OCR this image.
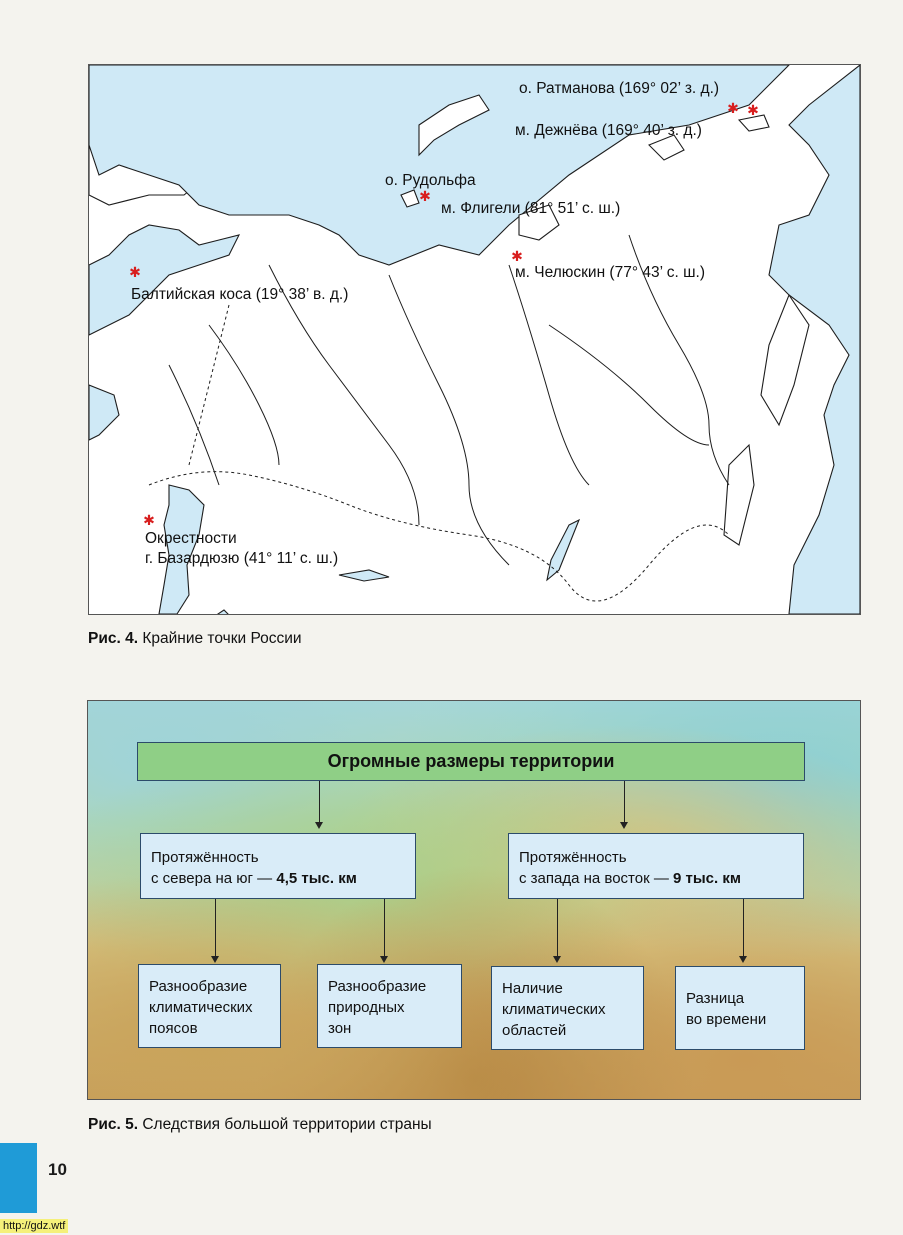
о. Ратманова (169° 02’ з. д.)
м. Дежнёва (169° 40’ з. д.)
о. Рудольфа
м. Флигели (81° 51’ с. ш.)
м. Челюскин (77° 43’ с. ш.)
Балтийская коса (19° 38’ в. д.)
Окрестности
г. Базардюзю (41° 11’ с. ш.)
✱ ✱
✱
✱
✱
✱
Рис. 4. Крайние точки России
Огромные размеры территории
Протяжённость
с севера на юг — 4,5 тыс. км
Протяжённость
с запада на восток — 9 тыс. км
Разнообразие
климатических
поясов
Разнообразие
природных
зон
Наличие
климатических
областей
Разница
во времени
Рис. 5. Следствия большой территории страны
10
http://gdz.wtf
